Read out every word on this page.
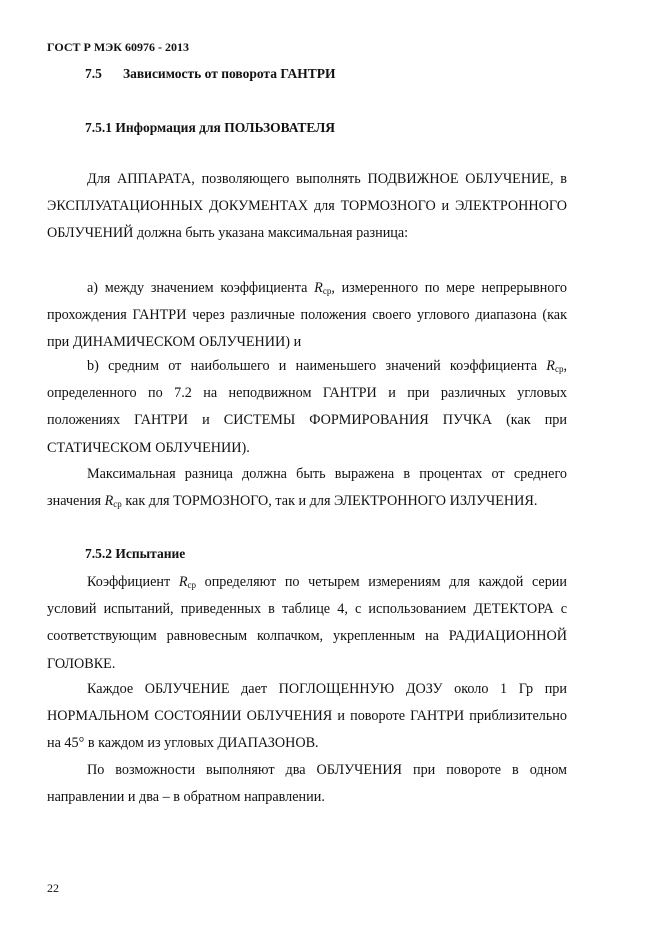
ГОСТ Р МЭК 60976 - 2013
7.5 Зависимость от поворота ГАНТРИ
7.5.1 Информация для ПОЛЬЗОВАТЕЛЯ
Для АППАРАТА, позволяющего выполнять ПОДВИЖНОЕ ОБЛУЧЕНИЕ, в ЭКСПЛУАТАЦИОННЫХ ДОКУМЕНТАХ для ТОРМОЗНОГО и ЭЛЕКТРОННОГО ОБЛУЧЕНИЙ должна быть указана максимальная разница:
a) между значением коэффициента $R_{ср}$, измеренного по мере непрерывного прохождения ГАНТРИ через различные положения своего углового диапазона (как при ДИНАМИЧЕСКОМ ОБЛУЧЕНИИ) и
b) средним от наибольшего и наименьшего значений коэффициента $R_{ср}$, определенного по 7.2 на неподвижном ГАНТРИ и при различных угловых положениях ГАНТРИ и СИСТЕМЫ ФОРМИРОВАНИЯ ПУЧКА (как при СТАТИЧЕСКОМ ОБЛУЧЕНИИ).
Максимальная разница должна быть выражена в процентах от среднего значения $R_{ср}$ как для ТОРМОЗНОГО, так и для ЭЛЕКТРОННОГО ИЗЛУЧЕНИЯ.
7.5.2 Испытание
Коэффициент $R_{ср}$ определяют по четырем измерениям для каждой серии условий испытаний, приведенных в таблице 4, с использованием ДЕТЕКТОРА с соответствующим равновесным колпачком, укрепленным на РАДИАЦИОННОЙ ГОЛОВКЕ.
Каждое ОБЛУЧЕНИЕ дает ПОГЛОЩЕННУЮ ДОЗУ около 1 Гр при НОРМАЛЬНОМ СОСТОЯНИИ ОБЛУЧЕНИЯ и повороте ГАНТРИ приблизительно на 45° в каждом из угловых ДИАПАЗОНОВ.
По возможности выполняют два ОБЛУЧЕНИЯ при повороте в одном направлении и два – в обратном направлении.
22
